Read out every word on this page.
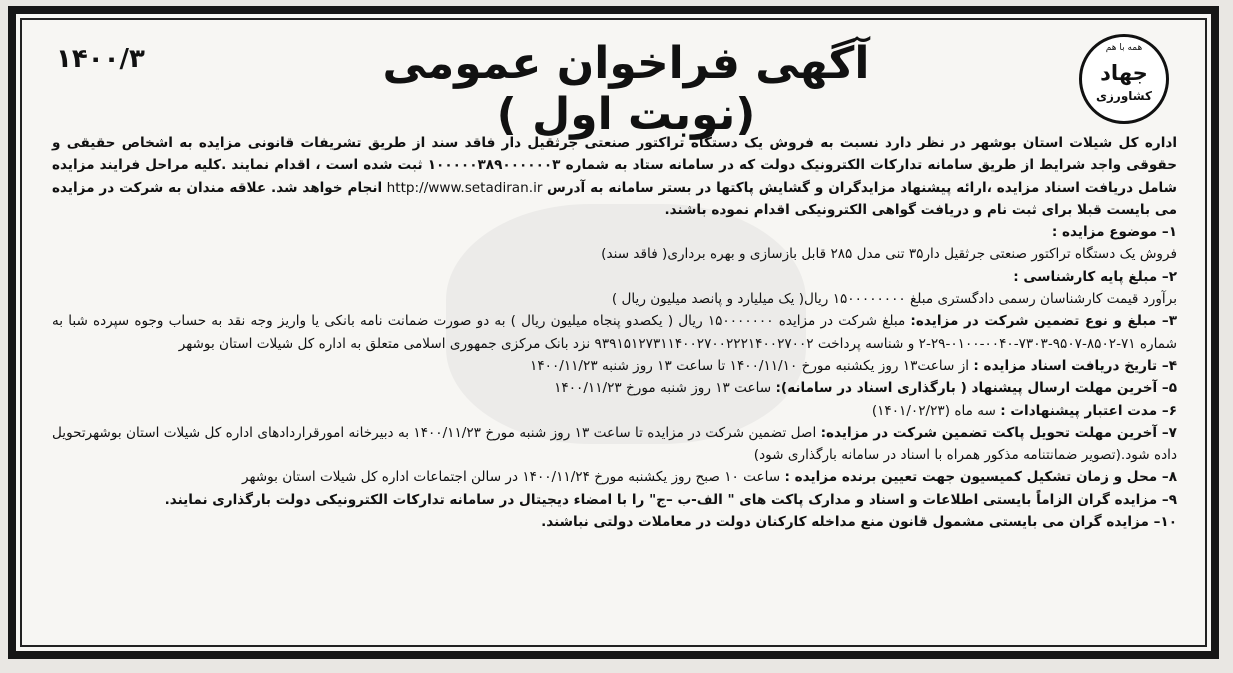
۱۴۰۰/۳	آگهی فراخوان عمومی (نوبت اول )
همه با هم
جهاد
کشاورزی

اداره کل شیلات استان بوشهر در نظر دارد نسبت به فروش یک دستگاه تراکتور صنعتی جرثقیل دار فاقد سند از طریق تشریفات قانونی مزایده به اشخاص حقیقی و حقوقی واجد شرایط از طریق سامانه تدارکات الکترونیک دولت که در سامانه ستاد به شماره ۱۰۰۰۰۰۳۸۹۰۰۰۰۰۰۳ ثبت شده است ، اقدام نمایند .کلیه مراحل فرایند مزایده شامل دریافت اسناد مزایده ،ارائه پیشنهاد مزایدگران و گشایش پاکتها در بستر سامانه به آدرس http://www.setadiran.ir انجام خواهد شد. علاقه مندان به شرکت در مزایده می بایست قبلا برای ثبت نام و دریافت گواهی الکترونیکی اقدام نموده باشند.

۱– موضوع مزایده :

فروش یک دستگاه تراکتور صنعتی جرثقیل دار۳۵ تنی مدل ۲۸۵ قابل بازسازی و بهره برداری( فاقد سند)

۲– مبلغ پایه کارشناسی :

برآورد قیمت کارشناسان رسمی دادگستری مبلغ ۱۵۰۰۰۰۰۰۰۰ ریال( یک میلیارد و پانصد میلیون ریال )

۳– مبلغ و نوع تضمین شرکت در مزایده: مبلغ شرکت در مزایده ۱۵۰۰۰۰۰۰۰ ریال ( یکصدو پنجاه میلیون ریال ) به دو صورت ضمانت نامه بانکی یا واریز وجه نقد به حساب وجوه سپرده شبا به شماره ۷۱-۸۵۰۲-۹۵۰۷-۷۳۰۳-۰۰۴۰-۰۱۰۰-۲۹-۲ و شناسه پرداخت ۹۳۹۱۵۱۲۷۳۱۱۴۰۰۲۷۰۰۲۲۲۱۴۰۰۲۷۰۰۲ نزد بانک مرکزی جمهوری اسلامی متعلق به اداره کل شیلات استان بوشهر

۴– تاریخ دریافت اسناد مزایده : از ساعت۱۳ روز یکشنبه مورخ ۱۴۰۰/۱۱/۱۰ تا ساعت ۱۳ روز شنبه ۱۴۰۰/۱۱/۲۳

۵– آخرین مهلت ارسال پیشنهاد ( بارگذاری اسناد در سامانه): ساعت ۱۳ روز شنبه مورخ ۱۴۰۰/۱۱/۲۳

۶– مدت اعتبار پیشنهادات : سه ماه (۱۴۰۱/۰۲/۲۳)

۷– آخرین مهلت تحویل پاکت تضمین شرکت در مزایده: اصل تضمین شرکت در مزایده تا ساعت ۱۳ روز شنبه مورخ ۱۴۰۰/۱۱/۲۳ به دبیرخانه امورقراردادهای اداره کل شیلات استان بوشهرتحویل داده شود.(تصویر ضمانتنامه مذکور همراه با اسناد در سامانه بارگذاری شود)

۸– محل و زمان تشکیل کمیسیون جهت تعیین برنده مزایده : ساعت ۱۰ صبح روز یکشنبه مورخ ۱۴۰۰/۱۱/۲۴ در سالن اجتماعات اداره کل شیلات استان بوشهر

۹– مزایده گران الزاماً بایستی اطلاعات و اسناد و مدارک پاکت های " الف-ب –ج" را با امضاء دیجیتال در سامانه تدارکات الکترونیکی دولت بارگذاری نمایند.

۱۰– مزایده گران می بایستی مشمول قانون منع مداخله کارکنان دولت در معاملات دولتی نباشند.
